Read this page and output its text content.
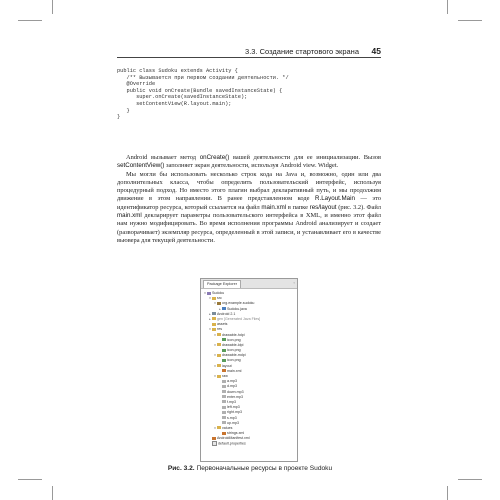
3.3. Создание стартового экрана 45
public class Sudoku extends Activity {
/** Вызывается при первом создании деятельности. */
@Override
public void onCreate(Bundle savedInstanceState) {
super.onCreate(savedInstanceState);
setContentView(R.layout.main);
}
}

Android вызывает метод onCreate() вашей деятельности для ее инициализации. Вызов setContentView() заполняет экран деятельности, используя Android view. Widget.

Мы могли бы использовать несколько строк кода на Java и, возможно, один или два дополнительных класса, чтобы определить пользовательский интерфейс, используя процедурный подход. Но вместо этого плагин выбрал декларативный путь, и мы продолжим движение в этом направлении. В ранее представленном коде R.Layout.Main — это идентификатор ресурса, который ссылается на файл main.xml в папке res/layout (рис. 3.2). Файл main.xml декларирует параметры пользовательского интерфейса в XML, и именно этот файл нам нужно модифицировать. Во время исполнения программы Android анализирует и создает (разворачивает) экземпляр ресурса, определенный в этой записи, и устанавливает его в качестве вьювера для текущей деятельности.

Package Explorer	▫
▾ Sudoku
▾ src
▾ org.example.sudoku
▸ Sudoku.java
▸ Android 2.1
▸ gen [Generated Java Files]
assets
▾ res
▾ drawable-hdpi
icon.png
▾ drawable-ldpi
icon.png
▾ drawable-mdpi
icon.png
▾ layout
main.xml
▾ raw
a.mp3
d.mp3
down.mp3
enter.mp3
f.mp3
left.mp3
right.mp3
s.mp3
up.mp3
▾ values
strings.xml
AndroidManifest.xml
default.properties
Рис. 3.2. Первоначальные ресурсы в проекте Sudoku
